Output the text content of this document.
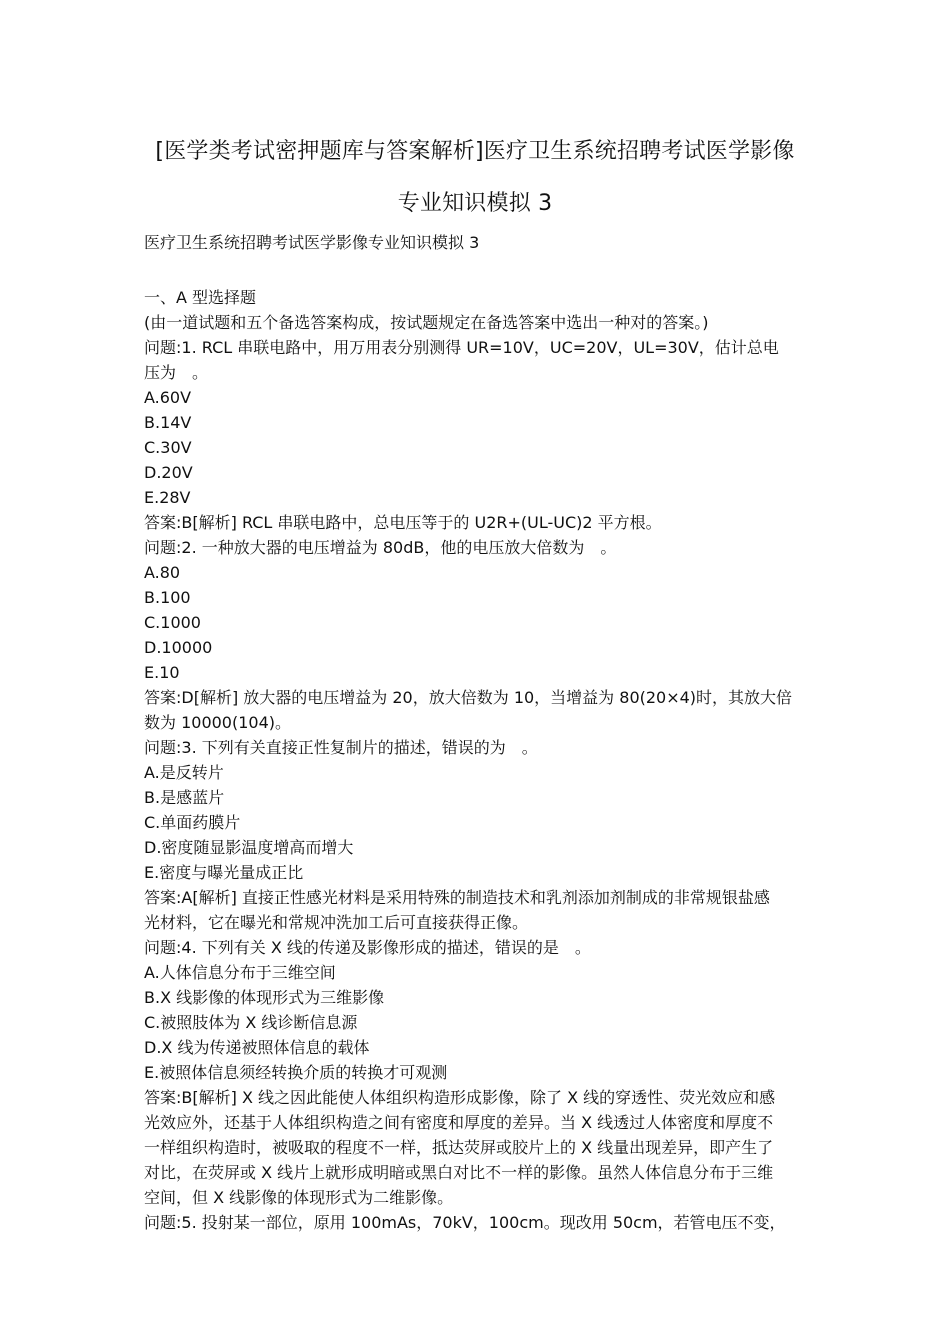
[医学类考试密押题库与答案解析]医疗卫生系统招聘考试医学影像
专业知识模拟 3
医疗卫生系统招聘考试医学影像专业知识模拟 3
一、A 型选择题
(由一道试题和五个备选答案构成，按试题规定在备选答案中选出一种对的答案。)
问题:1. RCL 串联电路中，用万用表分别测得 UR=10V，UC=20V，UL=30V，估计总电
压为　。
A.60V
B.14V
C.30V
D.20V
E.28V
答案:B[解析] RCL 串联电路中，总电压等于的 U2R+(UL-UC)2 平方根。
问题:2. 一种放大器的电压增益为 80dB，他的电压放大倍数为　。
A.80
B.100
C.1000
D.10000
E.10
答案:D[解析] 放大器的电压增益为 20，放大倍数为 10，当增益为 80(20×4)时，其放大倍
数为 10000(104)。
问题:3. 下列有关直接正性复制片的描述，错误的为　。
A.是反转片
B.是感蓝片
C.单面药膜片
D.密度随显影温度增高而增大
E.密度与曝光量成正比
答案:A[解析] 直接正性感光材料是采用特殊的制造技术和乳剂添加剂制成的非常规银盐感
光材料，它在曝光和常规冲洗加工后可直接获得正像。
问题:4. 下列有关 X 线的传递及影像形成的描述，错误的是　。
A.人体信息分布于三维空间
B.X 线影像的体现形式为三维影像
C.被照肢体为 X 线诊断信息源
D.X 线为传递被照体信息的载体
E.被照体信息须经转换介质的转换才可观测
答案:B[解析] X 线之因此能使人体组织构造形成影像，除了 X 线的穿透性、荧光效应和感
光效应外，还基于人体组织构造之间有密度和厚度的差异。当 X 线透过人体密度和厚度不
一样组织构造时，被吸取的程度不一样，抵达荧屏或胶片上的 X 线量出现差异，即产生了
对比，在荧屏或 X 线片上就形成明暗或黑白对比不一样的影像。虽然人体信息分布于三维
空间，但 X 线影像的体现形式为二维影像。
问题:5. 投射某一部位，原用 100mAs，70kV，100cm。现改用 50cm，若管电压不变，
